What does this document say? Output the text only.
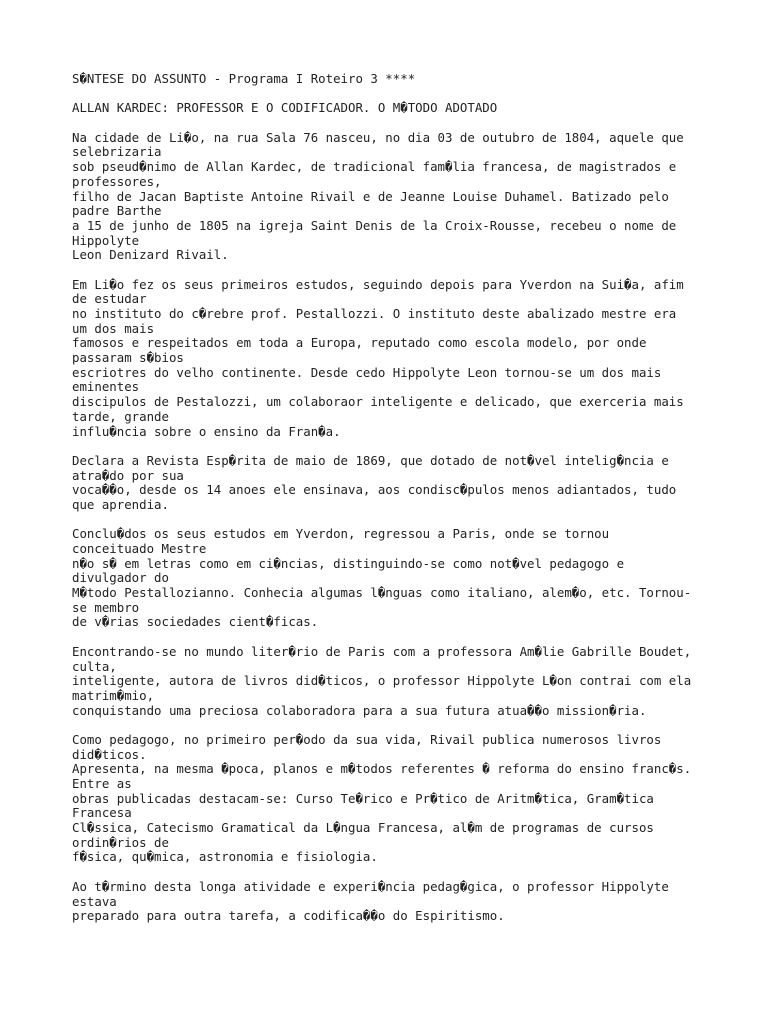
S�NTESE DO ASSUNTO - Programa I Roteiro 3 ****
ALLAN KARDEC: PROFESSOR E O CODIFICADOR. O M�TODO ADOTADO
Na cidade de Li�o, na rua Sala 76 nasceu, no dia 03 de outubro de 1804, aquele que
selebrizaria
sob pseud�nimo de Allan Kardec, de tradicional fam�lia francesa, de magistrados e
professores,
filho de Jacan Baptiste Antoine Rivail e de Jeanne Louise Duhamel. Batizado pelo
padre Barthe
a 15 de junho de 1805 na igreja Saint Denis de la Croix-Rousse, recebeu o nome de
Hippolyte
Leon Denizard Rivail.
Em Li�o fez os seus primeiros estudos, seguindo depois para Yverdon na Sui�a, afim
de estudar
no instituto do c�rebre prof. Pestallozzi. O instituto deste abalizado mestre era
um dos mais
famosos e respeitados em toda a Europa, reputado como escola modelo, por onde
passaram s�bios
escriotres do velho continente. Desde cedo Hippolyte Leon tornou-se um dos mais
eminentes
discipulos de Pestalozzi, um colaboraor inteligente e delicado, que exerceria mais
tarde, grande
influ�ncia sobre o ensino da Fran�a.
Declara a Revista Esp�rita de maio de 1869, que dotado de not�vel intelig�ncia e
atra�do por sua
voca��o, desde os 14 anoes ele ensinava, aos condisc�pulos menos adiantados, tudo
que aprendia.
Conclu�dos os seus estudos em Yverdon, regressou a Paris, onde se tornou
conceituado Mestre
n�o s� em letras como em ci�ncias, distinguindo-se como not�vel pedagogo e
divulgador do
M�todo Pestallozianno. Conhecia algumas l�nguas como italiano, alem�o, etc. Tornou-
se membro
de v�rias sociedades cient�ficas.
Encontrando-se no mundo liter�rio de Paris com a professora Am�lie Gabrille Boudet,
culta,
inteligente, autora de livros did�ticos, o professor Hippolyte L�on contrai com ela
matrim�mio,
conquistando uma preciosa colaboradora para a sua futura atua��o mission�ria.
Como pedagogo, no primeiro per�odo da sua vida, Rivail publica numerosos livros
did�ticos.
Apresenta, na mesma �poca, planos e m�todos referentes � reforma do ensino franc�s.
Entre as
obras publicadas destacam-se: Curso Te�rico e Pr�tico de Aritm�tica, Gram�tica
Francesa
Cl�ssica, Catecismo Gramatical da L�ngua Francesa, al�m de programas de cursos
ordin�rios de
f�sica, qu�mica, astronomia e fisiologia.
Ao t�rmino desta longa atividade e experi�ncia pedag�gica, o professor Hippolyte
estava
preparado para outra tarefa, a codifica��o do Espiritismo.
